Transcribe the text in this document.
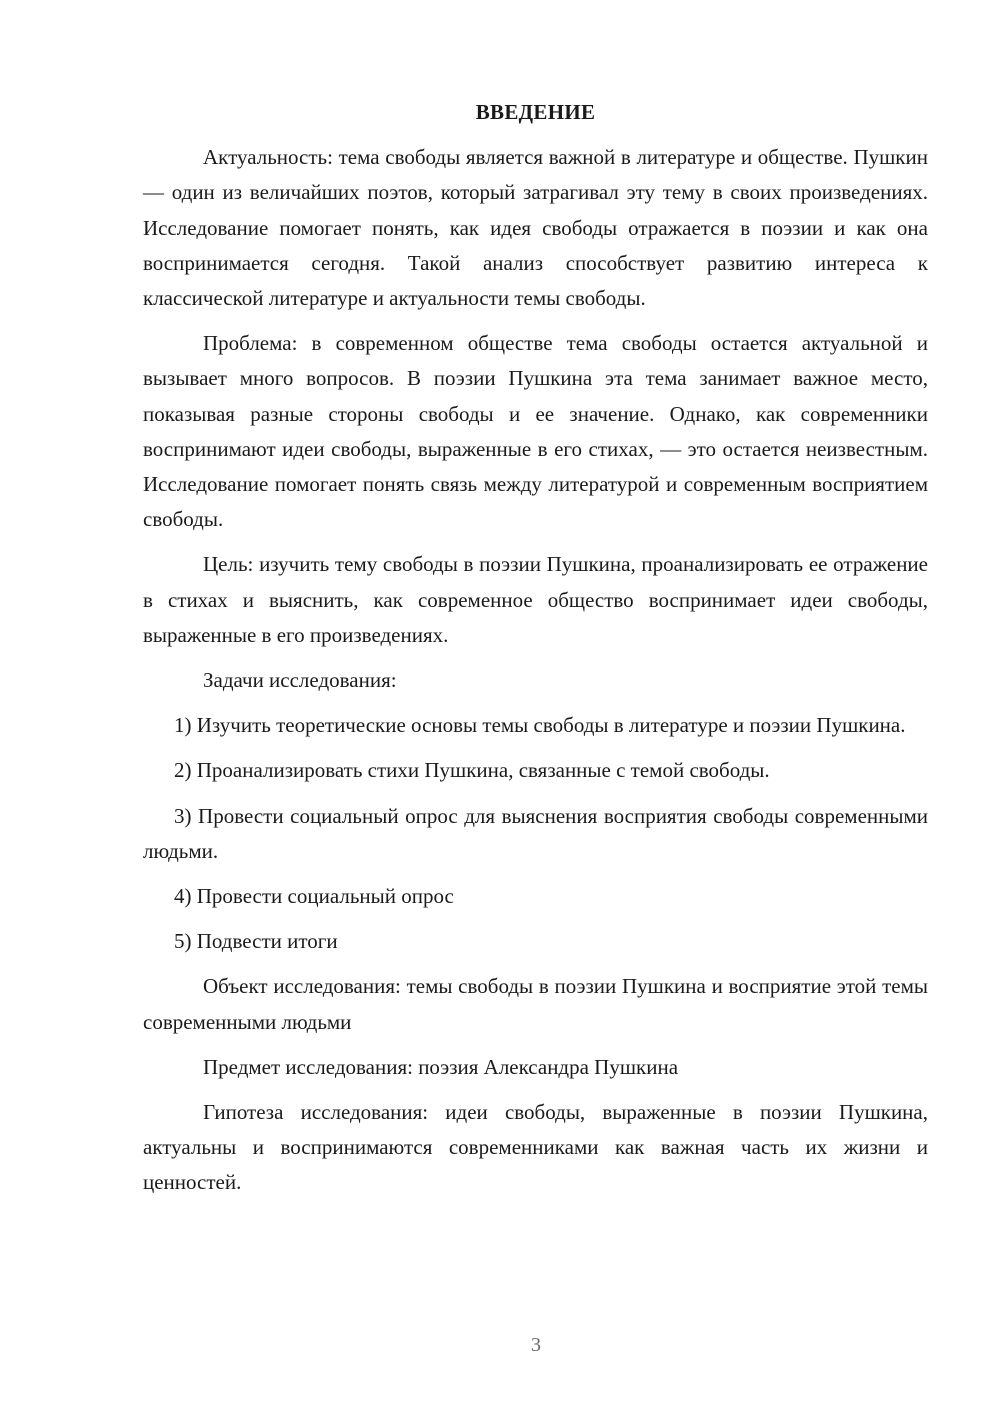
ВВЕДЕНИЕ

Актуальность: тема свободы является важной в литературе и обществе. Пушкин — один из величайших поэтов, который затрагивал эту тему в своих произведениях. Исследование помогает понять, как идея свободы отражается в поэзии и как она воспринимается сегодня. Такой анализ способствует развитию интереса к классической литературе и актуальности темы свободы.

Проблема: в современном обществе тема свободы остается актуальной и вызывает много вопросов. В поэзии Пушкина эта тема занимает важное место, показывая разные стороны свободы и ее значение. Однако, как современники воспринимают идеи свободы, выраженные в его стихах, — это остается неизвестным. Исследование помогает понять связь между литературой и современным восприятием свободы.

Цель: изучить тему свободы в поэзии Пушкина, проанализировать ее отражение в стихах и выяснить, как современное общество воспринимает идеи свободы, выраженные в его произведениях.

Задачи исследования:

1) Изучить теоретические основы темы свободы в литературе и поэзии Пушкина.

2) Проанализировать стихи Пушкина, связанные с темой свободы.

3) Провести социальный опрос для выяснения восприятия свободы современными людьми.

4) Провести социальный опрос

5) Подвести итоги

Объект исследования: темы свободы в поэзии Пушкина и восприятие этой темы современными людьми

Предмет исследования: поэзия Александра Пушкина

Гипотеза исследования: идеи свободы, выраженные в поэзии Пушкина, актуальны и воспринимаются современниками как важная часть их жизни и ценностей.

3
